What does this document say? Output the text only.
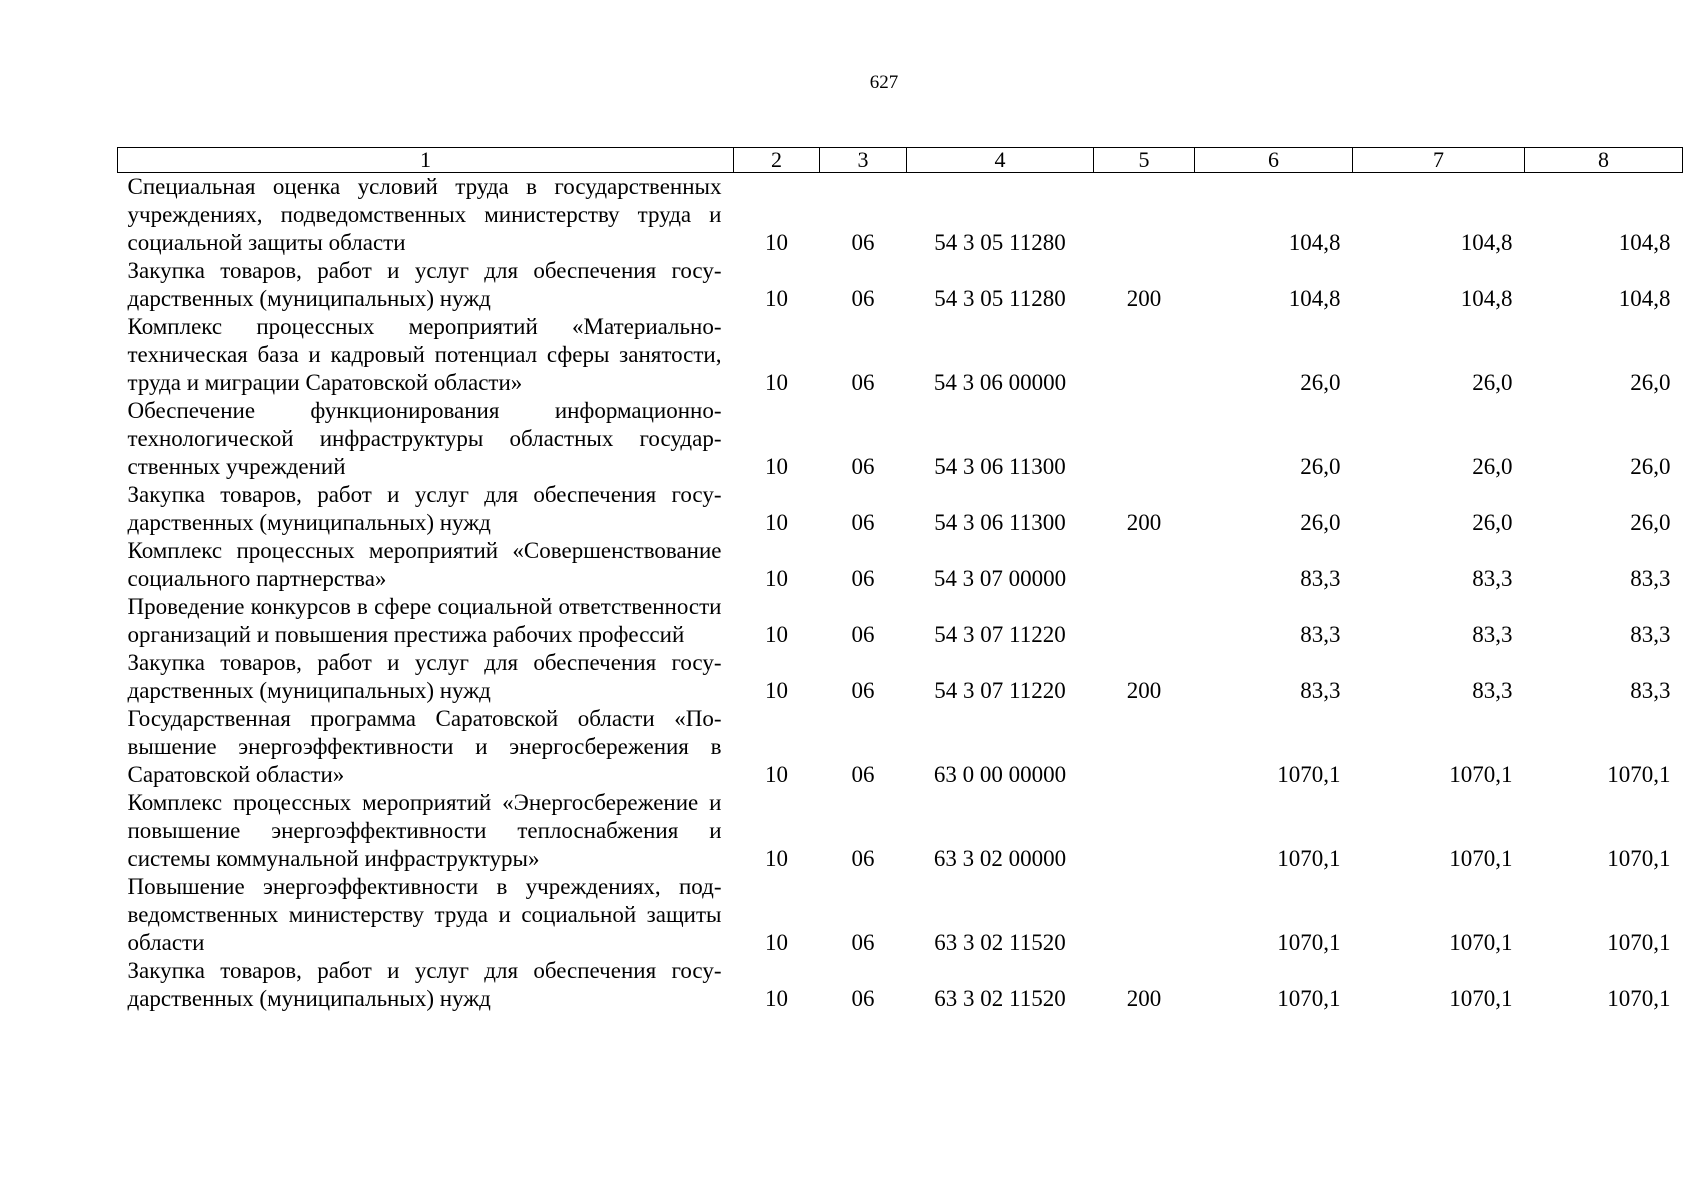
627
1	2	3	4	5	6	7	8
Специальная оценка условий труда в государственных учреждениях, подведомственных министерству труда и социальной защиты области	10	06	54 3 05 11280		104,8	104,8	104,8
Закупка товаров, работ и услуг для обеспечения государственных (муниципальных) нужд	10	06	54 3 05 11280	200	104,8	104,8	104,8
Комплекс процессных мероприятий «Материально-техническая база и кадровый потенциал сферы занятости, труда и миграции Саратовской области»	10	06	54 3 06 00000		26,0	26,0	26,0
Обеспечение функционирования информационно-технологической инфраструктуры областных государственных учреждений	10	06	54 3 06 11300		26,0	26,0	26,0
Закупка товаров, работ и услуг для обеспечения государственных (муниципальных) нужд	10	06	54 3 06 11300	200	26,0	26,0	26,0
Комплекс процессных мероприятий «Совершенствование социального партнерства»	10	06	54 3 07 00000		83,3	83,3	83,3
Проведение конкурсов в сфере социальной ответственности организаций и повышения престижа рабочих профессий	10	06	54 3 07 11220		83,3	83,3	83,3
Закупка товаров, работ и услуг для обеспечения государственных (муниципальных) нужд	10	06	54 3 07 11220	200	83,3	83,3	83,3
Государственная программа Саратовской области «Повышение энергоэффективности и энергосбережения в Саратовской области»	10	06	63 0 00 00000		1070,1	1070,1	1070,1
Комплекс процессных мероприятий «Энергосбережение и повышение энергоэффективности теплоснабжения и системы коммунальной инфраструктуры»	10	06	63 3 02 00000		1070,1	1070,1	1070,1
Повышение энергоэффективности в учреждениях, подведомственных министерству труда и социальной защиты области	10	06	63 3 02 11520		1070,1	1070,1	1070,1
Закупка товаров, работ и услуг для обеспечения государственных (муниципальных) нужд	10	06	63 3 02 11520	200	1070,1	1070,1	1070,1
